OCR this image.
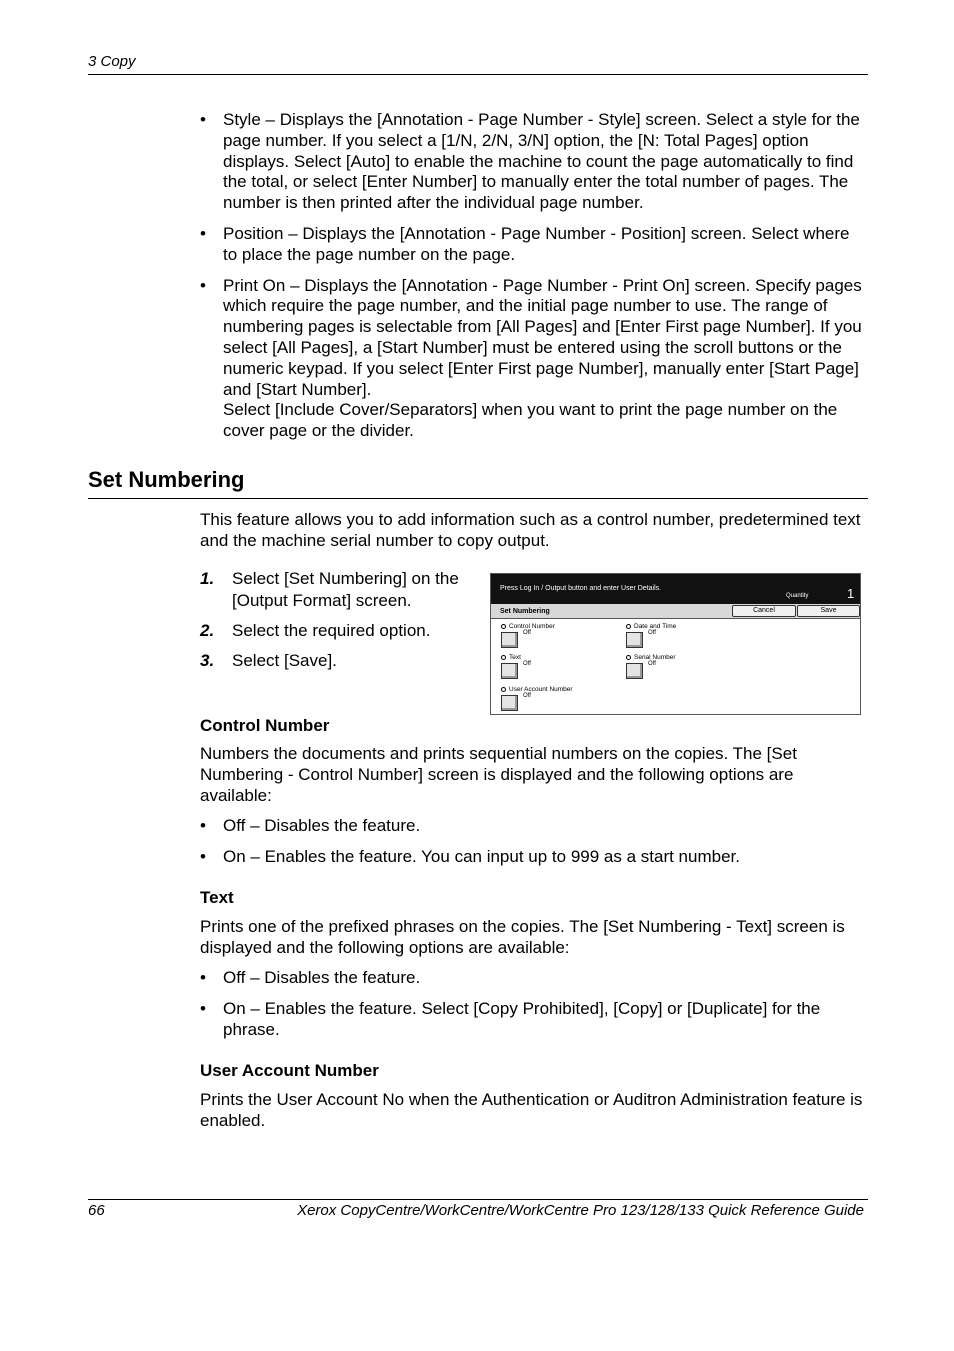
3 Copy
• Style – Displays the [Annotation - Page Number - Style] screen. Select a style for the page number. If you select a [1/N, 2/N, 3/N] option, the [N: Total Pages] option displays. Select [Auto] to enable the machine to count the page automatically to find the total, or select [Enter Number] to manually enter the total number of pages. The number is then printed after the individual page number.
• Position – Displays the [Annotation - Page Number - Position] screen. Select where to place the page number on the page.
• Print On – Displays the [Annotation - Page Number - Print On] screen. Specify pages which require the page number, and the initial page number to use. The range of numbering pages is selectable from [All Pages] and [Enter First page Number]. If you select [All Pages], a [Start Number] must be entered using the scroll buttons or the numeric keypad. If you select [Enter First page Number], manually enter [Start Page] and [Start Number].
Select [Include Cover/Separators] when you want to print the page number on the cover page or the divider.
Set Numbering
This feature allows you to add information such as a control number, predetermined text and the machine serial number to copy output.
1. Select [Set Numbering] on the [Output Format] screen.
2. Select the required option.
3. Select [Save].
Press Log In / Output button and enter User Details.
Quantity	1
Set Numbering	Cancel	Save
Control Number
Off
Date and Time
Off
Text
Off
Serial Number
Off
User Account Number
Off
Control Number
Numbers the documents and prints sequential numbers on the copies. The [Set Numbering - Control Number] screen is displayed and the following options are available:
• Off – Disables the feature.
• On – Enables the feature. You can input up to 999 as a start number.
Text
Prints one of the prefixed phrases on the copies. The [Set Numbering - Text] screen is displayed and the following options are available:
• Off – Disables the feature.
• On – Enables the feature. Select [Copy Prohibited], [Copy] or [Duplicate] for the phrase.
User Account Number
Prints the User Account No when the Authentication or Auditron Administration feature is enabled.
66	Xerox CopyCentre/WorkCentre/WorkCentre Pro 123/128/133 Quick Reference Guide
